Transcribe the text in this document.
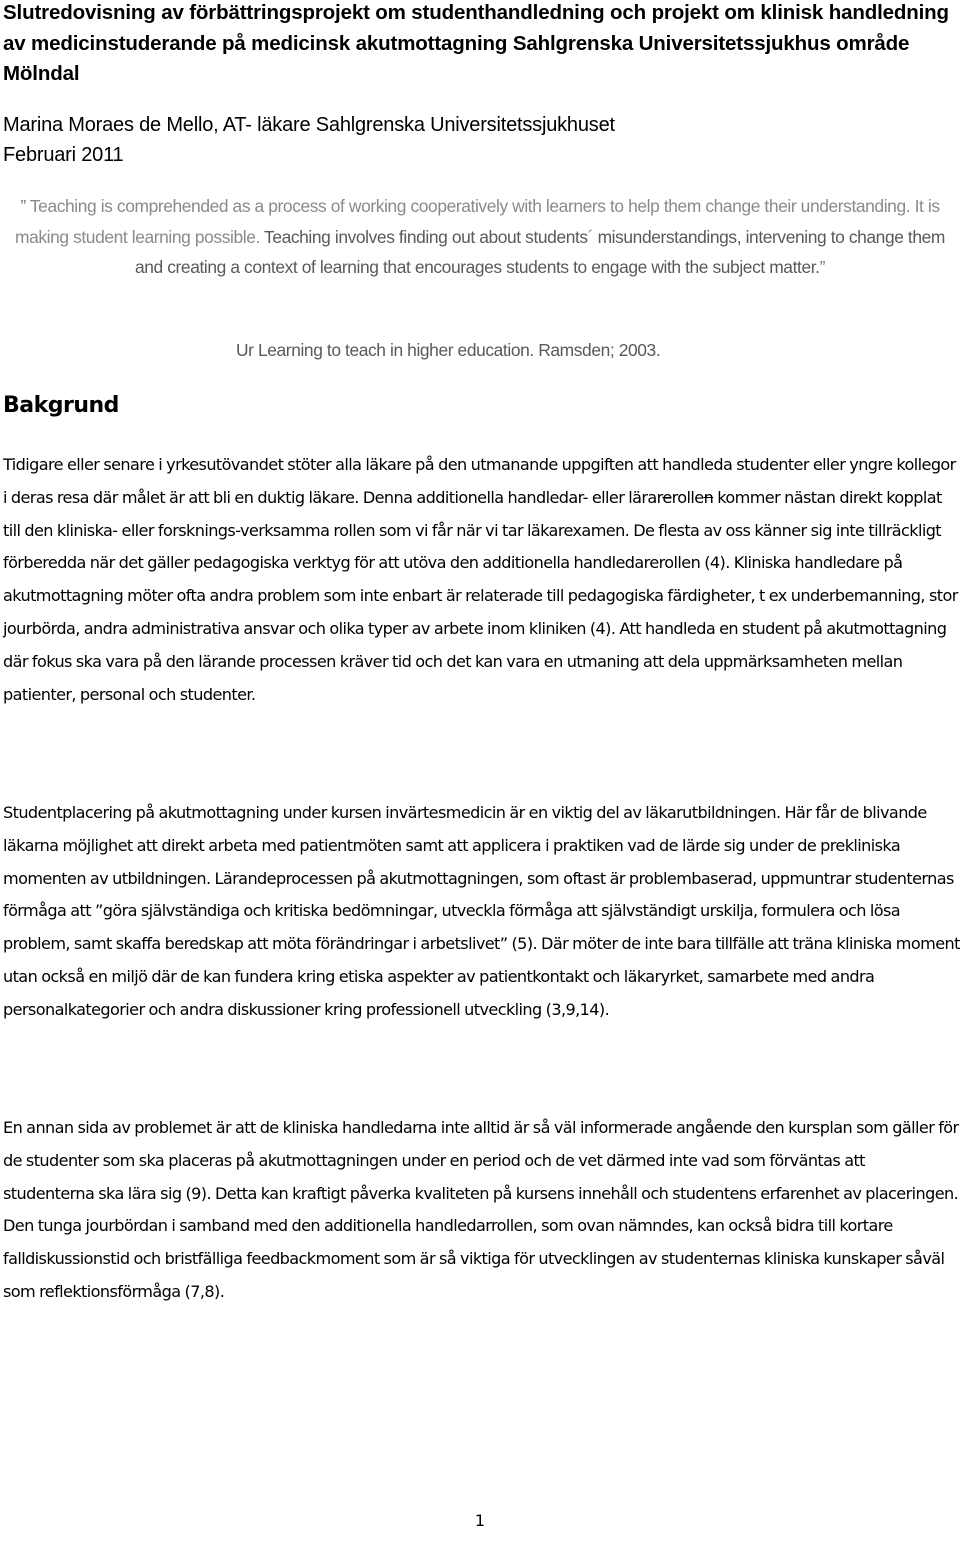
Slutredovisning av förbättringsprojekt om studenthandledning och projekt om klinisk handledning av medicinstuderande på medicinsk akutmottagning Sahlgrenska Universitetssjukhus område Mölndal
Marina Moraes de Mello, AT- läkare Sahlgrenska Universitetssjukhuset
Februari 2011

” Teaching is comprehended as a process of working cooperatively with learners to help them change their understanding. It is making student learning possible. Teaching involves finding out about students´ misunderstandings, intervening to change them and creating a context of learning that encourages students to engage with the subject matter.”

Ur Learning to teach in higher education. Ramsden; 2003.
Bakgrund

Tidigare eller senare i yrkesutövandet stöter alla läkare på den utmanande uppgiften att handleda studenter eller yngre kollegor i deras resa där målet är att bli en duktig läkare. Denna additionella handledar- eller lärarerollen kommer nästan direkt kopplat till den kliniska- eller forsknings-verksamma rollen som vi får när vi tar läkarexamen. De flesta av oss känner sig inte tillräckligt förberedda när det gäller pedagogiska verktyg för att utöva den additionella handledarerollen (4). Kliniska handledare på akutmottagning möter ofta andra problem som inte enbart är relaterade till pedagogiska färdigheter, t ex underbemanning, stor jourbörda, andra administrativa ansvar och olika typer av arbete inom kliniken (4). Att handleda en student på akutmottagning där fokus ska vara på den lärande processen kräver tid och det kan vara en utmaning att dela uppmärksamheten mellan patienter, personal och studenter.

Studentplacering på akutmottagning under kursen invärtesmedicin är en viktig del av läkarutbildningen. Här får de blivande läkarna möjlighet att direkt arbeta med patientmöten samt att applicera i praktiken vad de lärde sig under de prekliniska momenten av utbildningen. Lärandeprocessen på akutmottagningen, som oftast är problembaserad, uppmuntrar studenternas förmåga att ”göra självständiga och kritiska bedömningar, utveckla förmåga att självständigt urskilja, formulera och lösa problem, samt skaffa beredskap att möta förändringar i arbetslivet” (5). Där möter de inte bara tillfälle att träna kliniska moment utan också en miljö där de kan fundera kring etiska aspekter av patientkontakt och läkaryrket, samarbete med andra personalkategorier och andra diskussioner kring professionell utveckling (3,9,14).

En annan sida av problemet är att de kliniska handledarna inte alltid är så väl informerade angående den kursplan som gäller för de studenter som ska placeras på akutmottagningen under en period och de vet därmed inte vad som förväntas att studenterna ska lära sig (9). Detta kan kraftigt påverka kvaliteten på kursens innehåll och studentens erfarenhet av placeringen. Den tunga jourbördan i samband med den additionella handledarrollen, som ovan nämndes, kan också bidra till kortare falldiskussionstid och bristfälliga feedbackmoment som är så viktiga för utvecklingen av studenternas kliniska kunskaper såväl som reflektionsförmåga (7,8).

1
